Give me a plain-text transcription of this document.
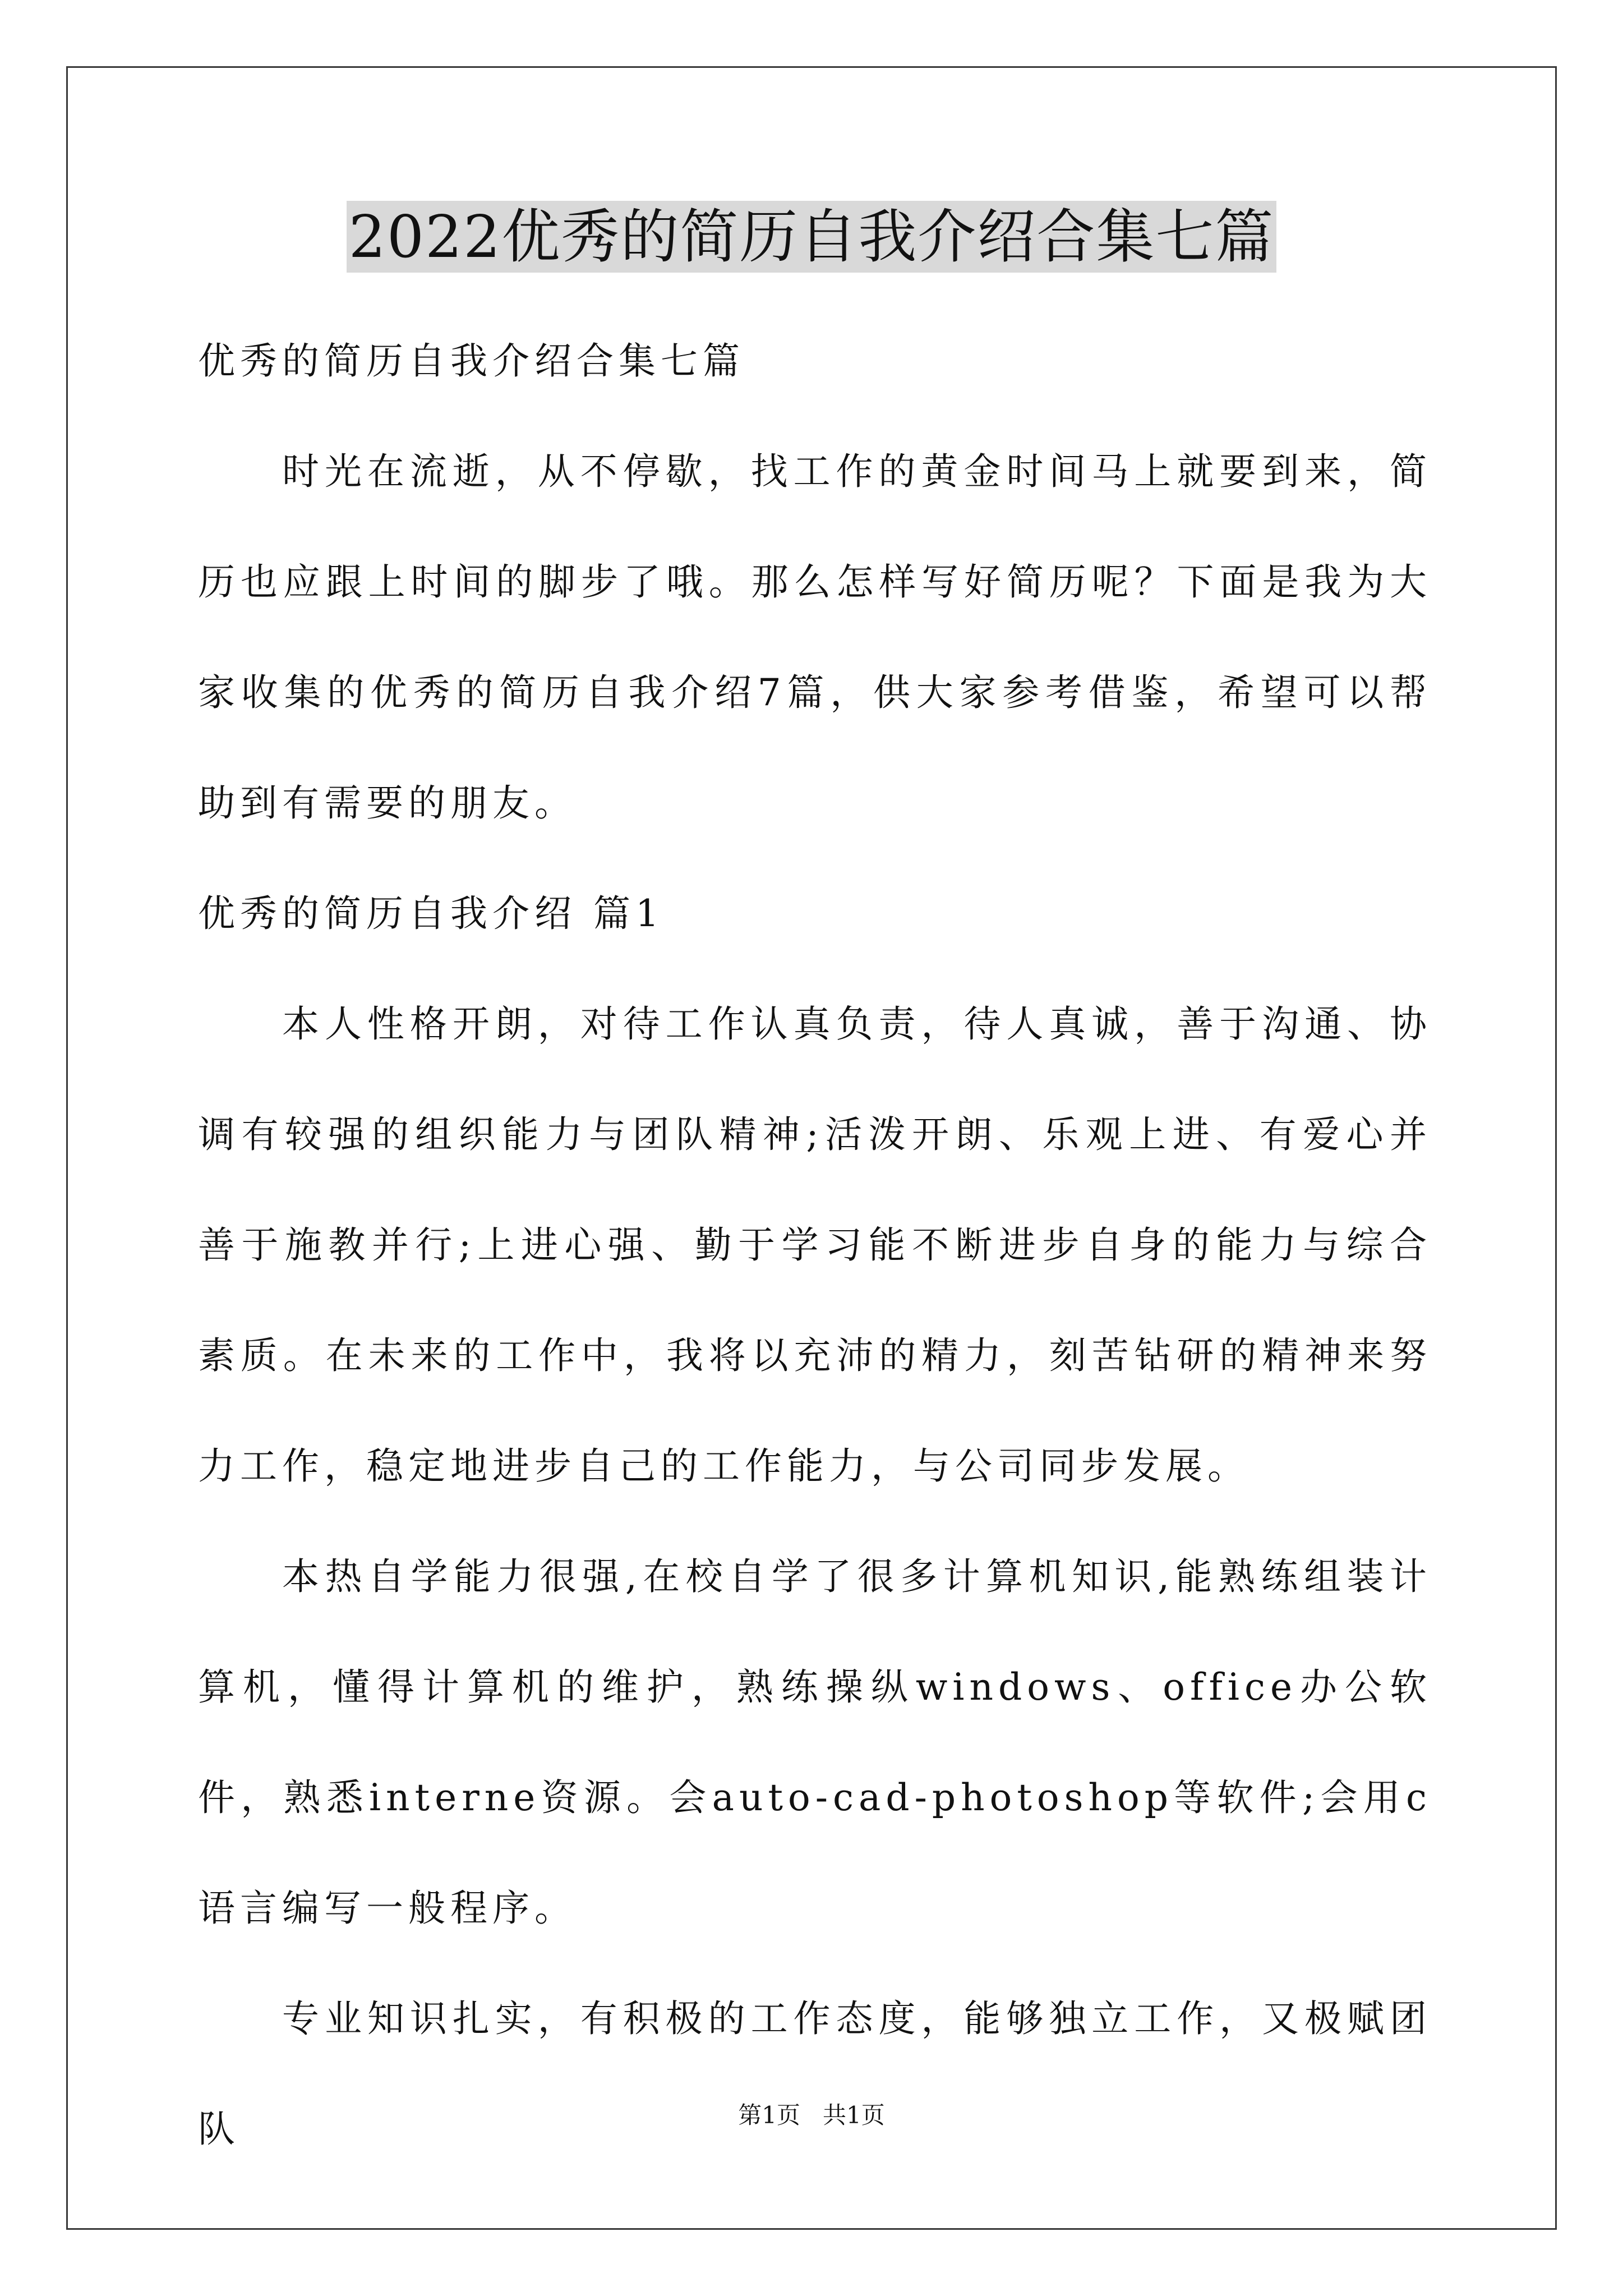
2022优秀的简历自我介绍合集七篇

优秀的简历自我介绍合集七篇

时光在流逝，从不停歇，找工作的黄金时间马上就要到来，简历也应跟上时间的脚步了哦。那么怎样写好简历呢？下面是我为大家收集的优秀的简历自我介绍7篇，供大家参考借鉴，希望可以帮助到有需要的朋友。

优秀的简历自我介绍 篇1

本人性格开朗，对待工作认真负责，待人真诚，善于沟通、协调有较强的组织能力与团队精神;活泼开朗、乐观上进、有爱心并善于施教并行;上进心强、勤于学习能不断进步自身的能力与综合素质。在未来的工作中，我将以充沛的精力，刻苦钻研的精神来努力工作，稳定地进步自己的工作能力，与公司同步发展。

本热自学能力很强,在校自学了很多计算机知识,能熟练组装计算机，懂得计算机的维护，熟练操纵windows、office办公软件，熟悉interne资源。会auto-cad-photoshop等软件;会用c语言编写一般程序。

专业知识扎实，有积极的工作态度，能够独立工作，又极赋团队	第1页   共1页
